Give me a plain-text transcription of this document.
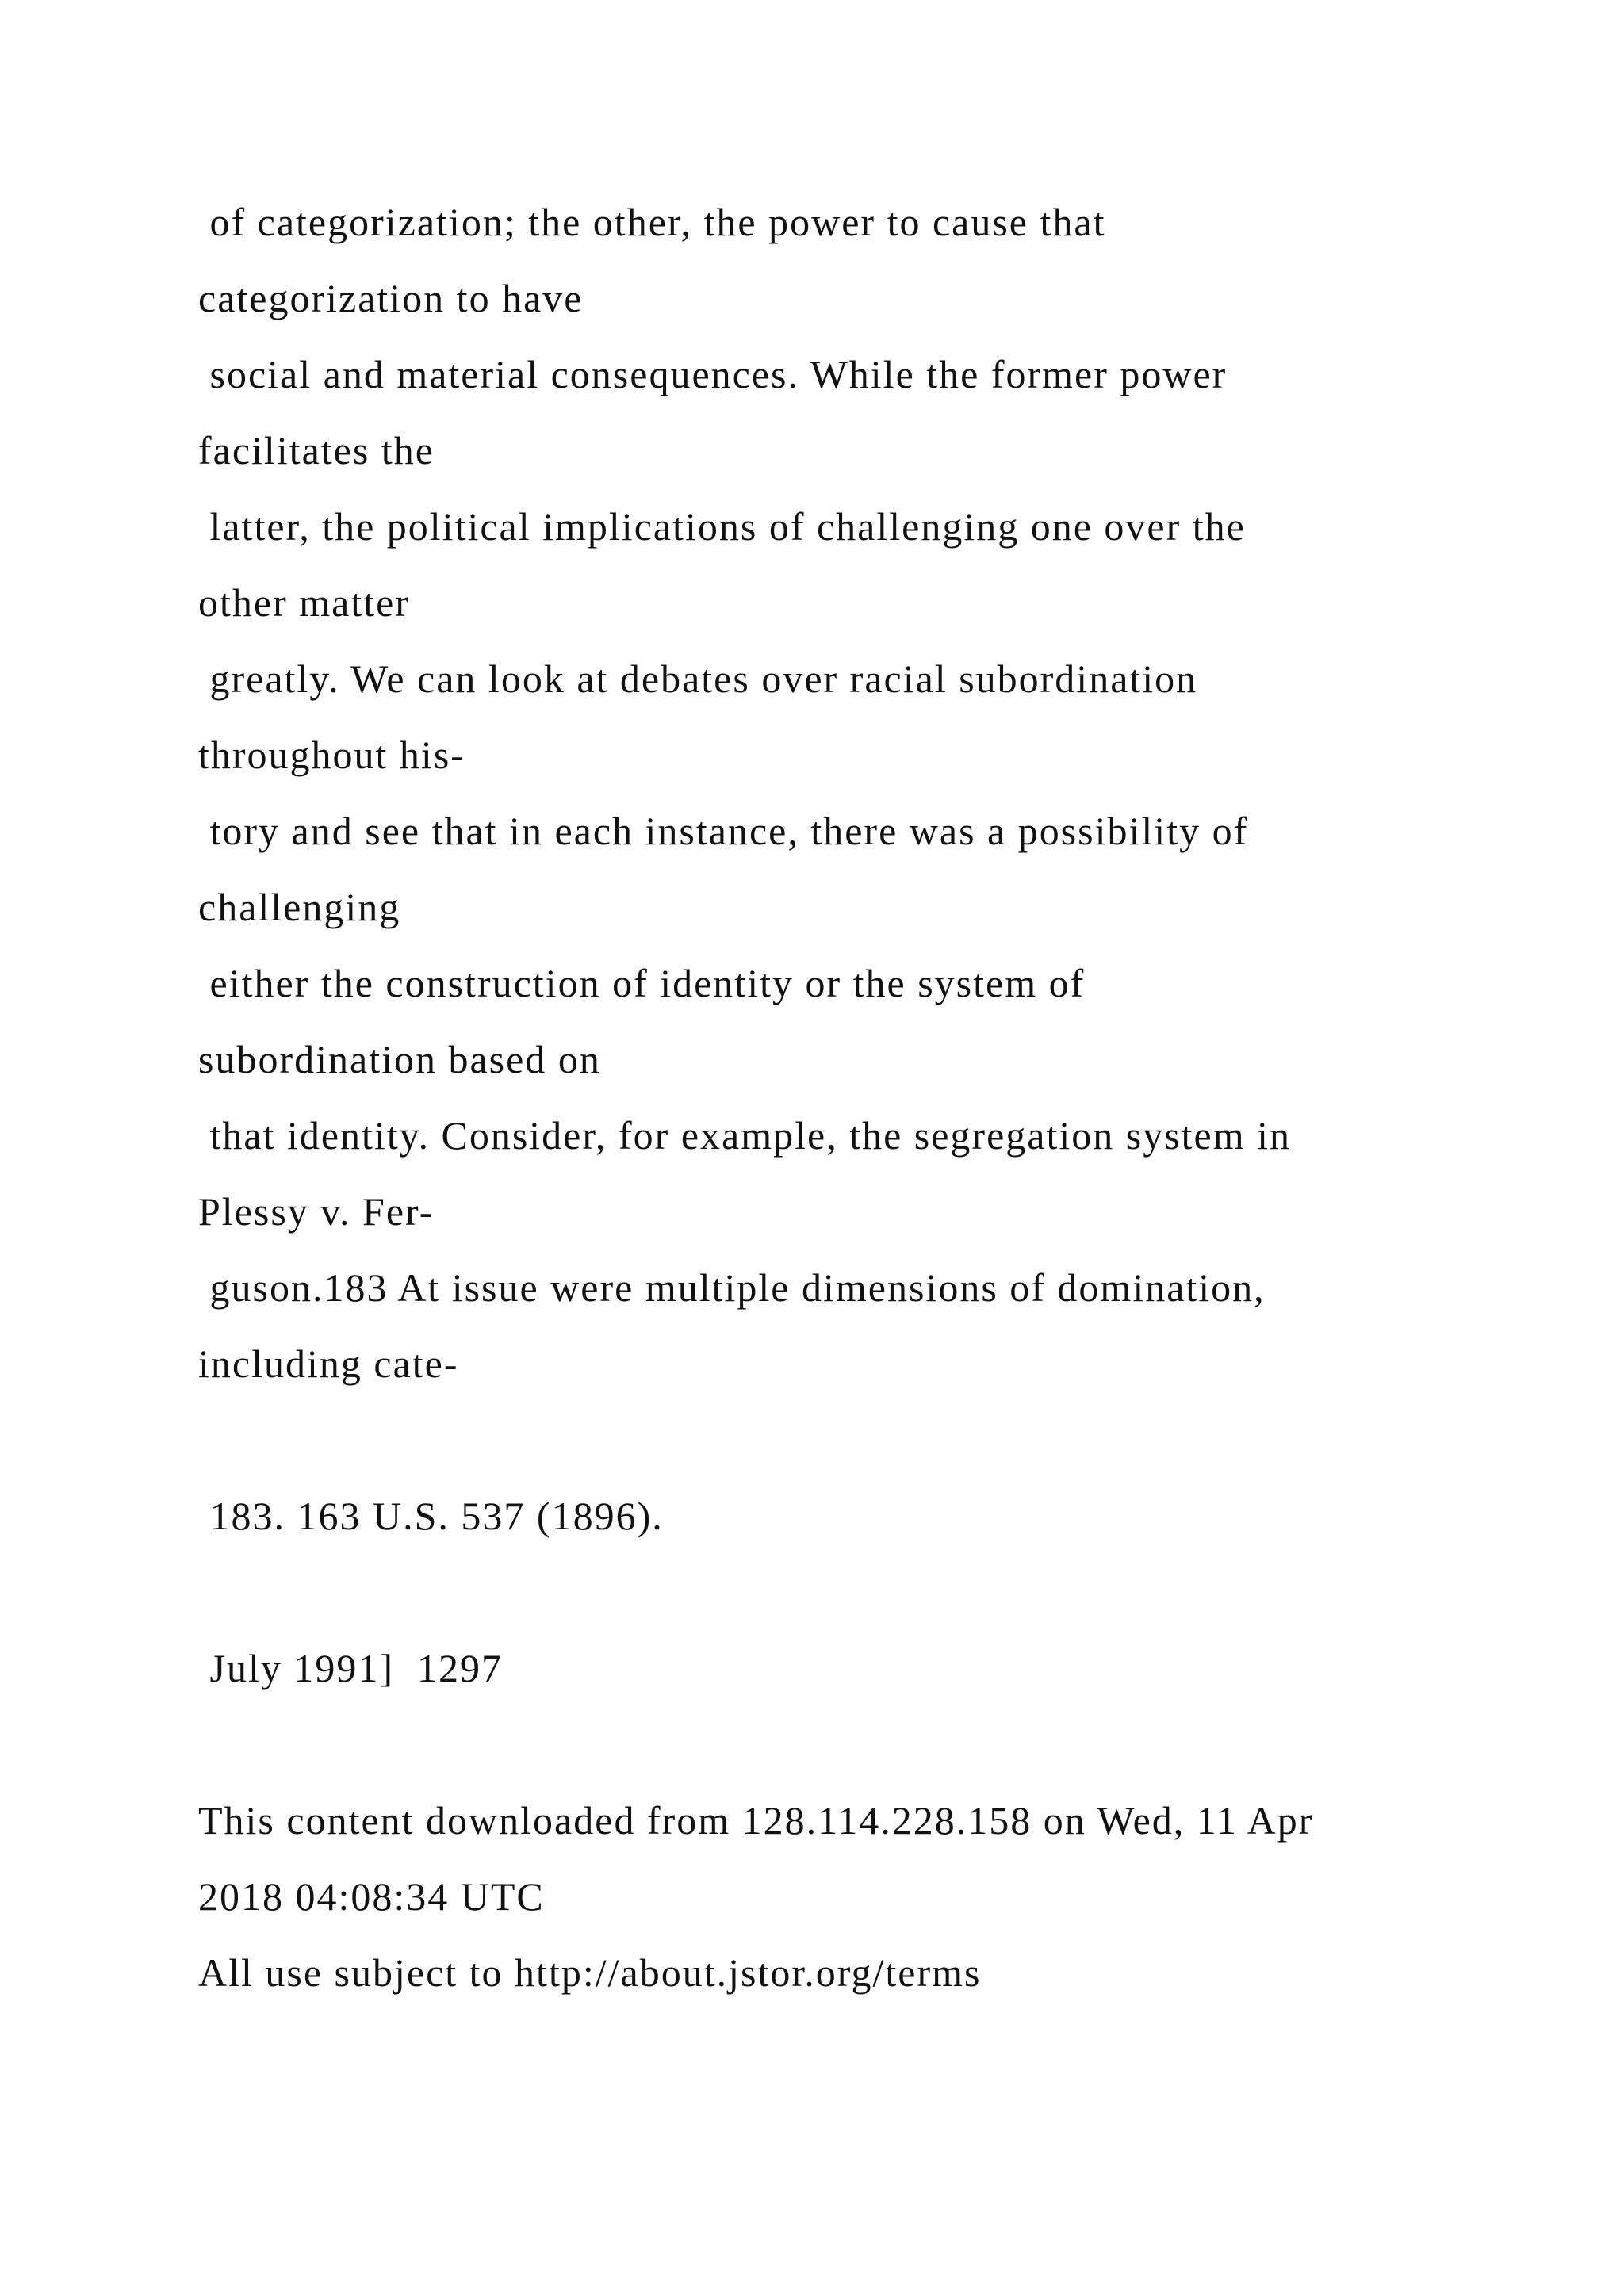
of categorization; the other, the power to cause that

categorization to have

social and material consequences. While the former power

facilitates the

latter, the political implications of challenging one over the

other matter

greatly. We can look at debates over racial subordination

throughout his-

tory and see that in each instance, there was a possibility of

challenging

either the construction of identity or the system of

subordination based on

that identity. Consider, for example, the segregation system in

Plessy v. Fer-

guson.183 At issue were multiple dimensions of domination,

including cate-

183. 163 U.S. 537 (1896).

July 1991]  1297

This content downloaded from 128.114.228.158 on Wed, 11 Apr

2018 04:08:34 UTC

All use subject to http://about.jstor.org/terms
